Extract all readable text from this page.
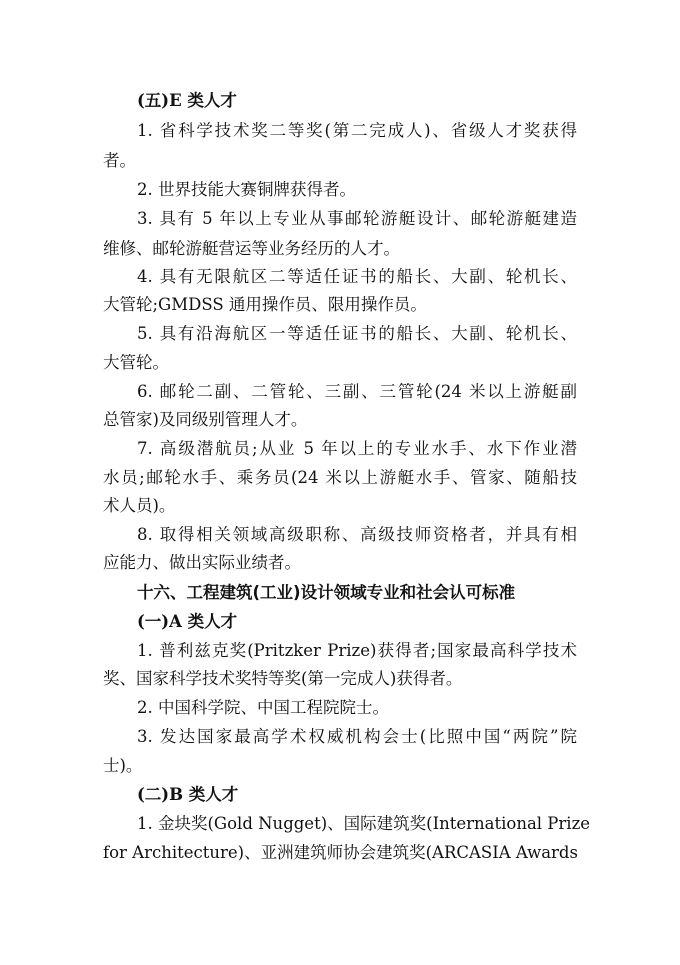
(五)E 类人才
1. 省科学技术奖二等奖(第二完成人)、省级人才奖获得
者。
2. 世界技能大赛铜牌获得者。
3. 具有 5 年以上专业从事邮轮游艇设计、邮轮游艇建造
维修、邮轮游艇营运等业务经历的人才。
4. 具有无限航区二等适任证书的船长、大副、轮机长、
大管轮;GMDSS 通用操作员、限用操作员。
5. 具有沿海航区一等适任证书的船长、大副、轮机长、
大管轮。
6. 邮轮二副、二管轮、三副、三管轮(24 米以上游艇副
总管家)及同级别管理人才。
7. 高级潜航员;从业 5 年以上的专业水手、水下作业潜
水员;邮轮水手、乘务员(24 米以上游艇水手、管家、随船技
术人员)。
8. 取得相关领域高级职称、高级技师资格者，并具有相
应能力、做出实际业绩者。
十六、工程建筑(工业)设计领域专业和社会认可标准
(一)A 类人才
1. 普利兹克奖(Pritzker Prize)获得者;国家最高科学技术
奖、国家科学技术奖特等奖(第一完成人)获得者。
2. 中国科学院、中国工程院院士。
3. 发达国家最高学术权威机构会士(比照中国“两院”院
士)。
(二)B 类人才
1. 金块奖(Gold Nugget)、国际建筑奖(International Prize
for Architecture)、亚洲建筑师协会建筑奖(ARCASIA Awards
